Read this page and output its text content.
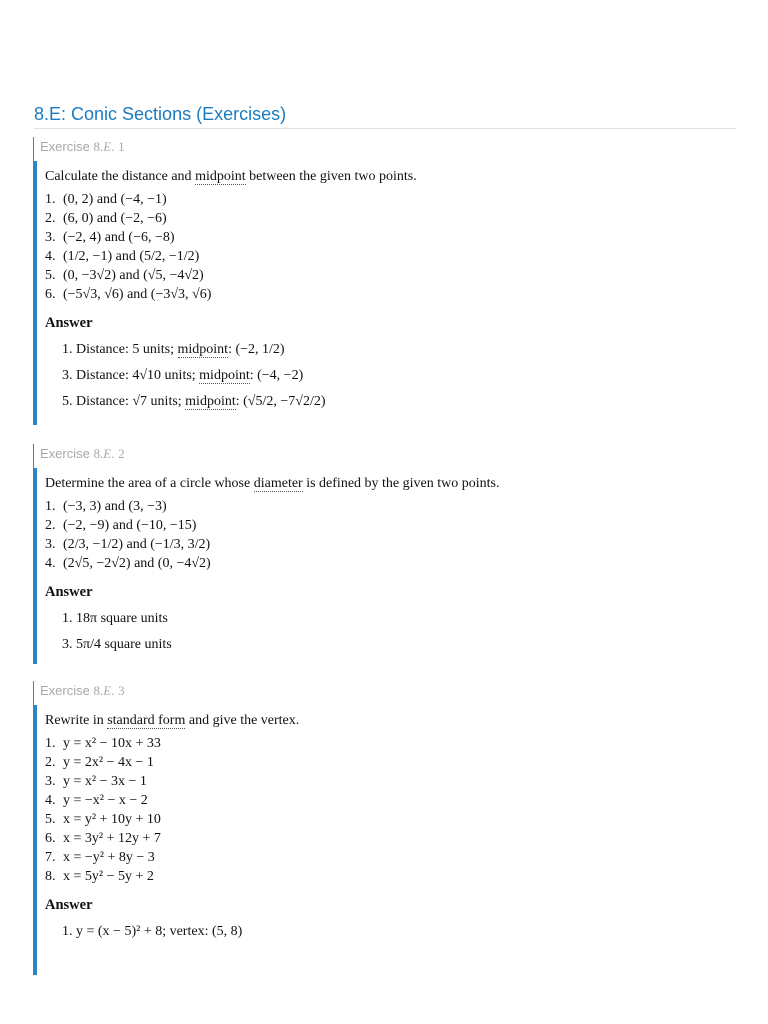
8.E: Conic Sections (Exercises)
Exercise 8.E. 1

Calculate the distance and midpoint between the given two points.

1. (0, 2) and (−4, −1)
2. (6, 0) and (−2, −6)
3. (−2, 4) and (−6, −8)
4. (1/2, −1) and (5/2, −1/2)
5. (0, −3√2) and (√5, −4√2)
6. (−5√3, √6) and (−3√3, √6)
Answer
1. Distance: 5 units; midpoint: (−2, 1/2)
3. Distance: 4√10 units; midpoint: (−4, −2)
5. Distance: √7 units; midpoint: (√5/2, −7√2/2)
Exercise 8.E. 2

Determine the area of a circle whose diameter is defined by the given two points.

1. (−3, 3) and (3, −3)
2. (−2, −9) and (−10, −15)
3. (2/3, −1/2) and (−1/3, 3/2)
4. (2√5, −2√2) and (0, −4√2)
Answer
1. 18π square units
3. 5π/4 square units
Exercise 8.E. 3

Rewrite in standard form and give the vertex.

1. y = x² − 10x + 33
2. y = 2x² − 4x − 1
3. y = x² − 3x − 1
4. y = −x² − x − 2
5. x = y² + 10y + 10
6. x = 3y² + 12y + 7
7. x = −y² + 8y − 3
8. x = 5y² − 5y + 2
Answer
1. y = (x − 5)² + 8; vertex: (5, 8)
